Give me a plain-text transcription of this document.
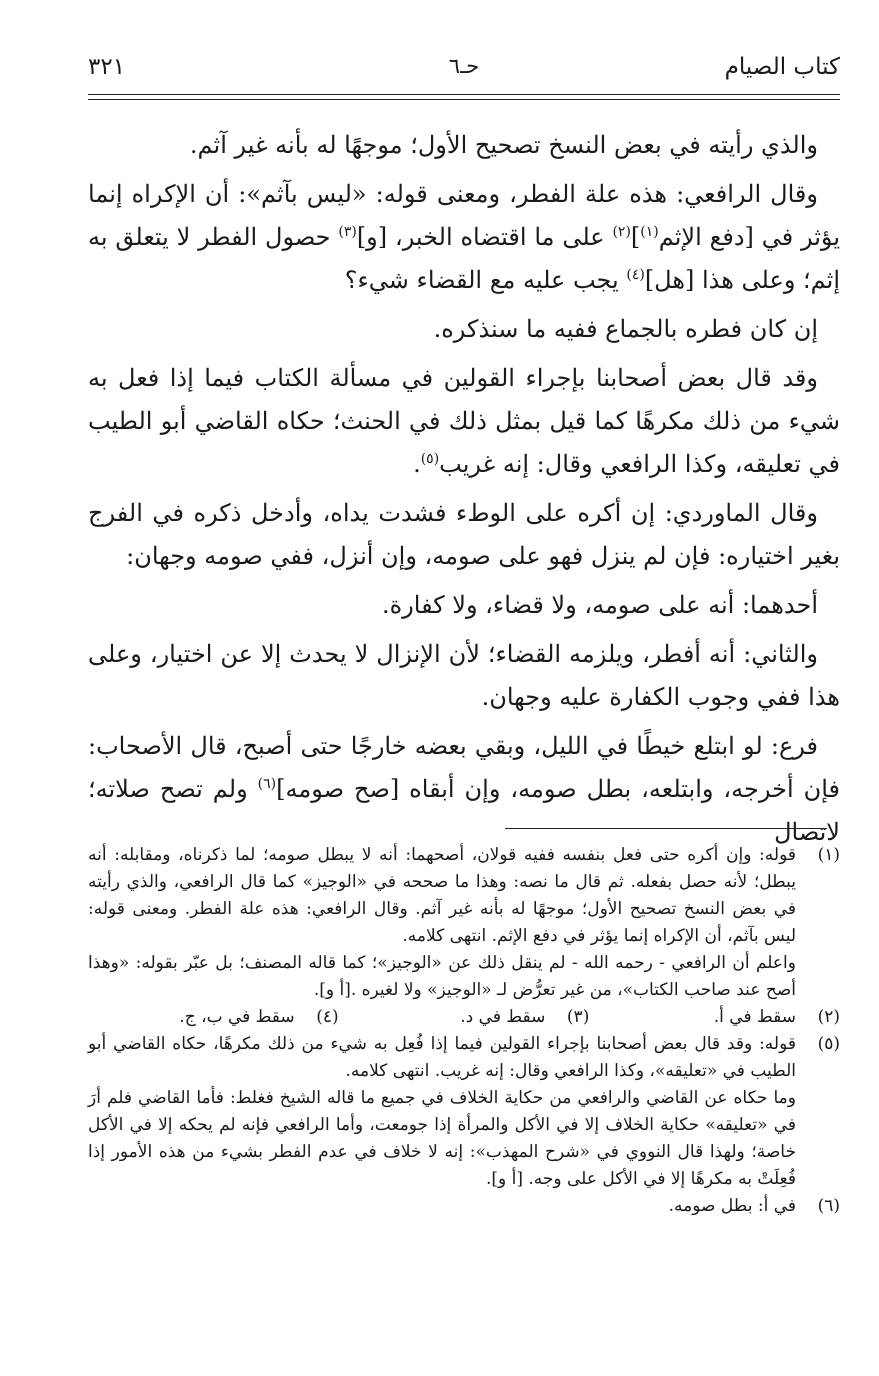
كتاب الصيام
حـ٦
٣٢١

والذي رأيته في بعض النسخ تصحيح الأول؛ موجهًا له بأنه غير آثم.

وقال الرافعي: هذه علة الفطر، ومعنى قوله: «ليس بآثم»: أن الإكراه إنما يؤثر في [دفع الإثم$^{(١)}$]$^{(٢)}$ على ما اقتضاه الخبر، [و]$^{(٣)}$ حصول الفطر لا يتعلق به إثم؛ وعلى هذا [هل]$^{(٤)}$ يجب عليه مع القضاء شيء؟

إن كان فطره بالجماع ففيه ما سنذكره.

وقد قال بعض أصحابنا بإجراء القولين في مسألة الكتاب فيما إذا فعل به شيء من ذلك مكرهًا كما قيل بمثل ذلك في الحنث؛ حكاه القاضي أبو الطيب في تعليقه، وكذا الرافعي وقال: إنه غريب$^{(٥)}$.

وقال الماوردي: إن أكره على الوطء فشدت يداه، وأدخل ذكره في الفرج بغير اختياره: فإن لم ينزل فهو على صومه، وإن أنزل، ففي صومه وجهان:

أحدهما: أنه على صومه، ولا قضاء، ولا كفارة.

والثاني: أنه أفطر، ويلزمه القضاء؛ لأن الإنزال لا يحدث إلا عن اختيار، وعلى هذا ففي وجوب الكفارة عليه وجهان.

فرع: لو ابتلع خيطًا في الليل، وبقي بعضه خارجًا حتى أصبح، قال الأصحاب: فإن أخرجه، وابتلعه، بطل صومه، وإن أبقاه [صح صومه]$^{(٦)}$ ولم تصح صلاته؛ لاتصال

(١)

قوله: وإن أكره حتى فعل بنفسه ففيه قولان، أصحهما: أنه لا يبطل صومه؛ لما ذكرناه، ومقابله: أنه يبطل؛ لأنه حصل بفعله. ثم قال ما نصه: وهذا ما صححه في «الوجيز» كما قال الرافعي، والذي رأيته في بعض النسخ تصحيح الأول؛ موجهًا له بأنه غير آثم. وقال الرافعي: هذه علة الفطر. ومعنى قوله: ليس بآثم، أن الإكراه إنما يؤثر في دفع الإثم. انتهى كلامه.

واعلم أن الرافعي - رحمه الله - لم ينقل ذلك عن «الوجيز»؛ كما قاله المصنف؛ بل عبّر بقوله: «وهذا أصح عند صاحب الكتاب»، من غير تعرُّض لـ «الوجيز» ولا لغيره .[أ و].

(٢)
سقط في أ.
(٣)
سقط في د.
(٤)
سقط في ب، ج.
(٥)

قوله: وقد قال بعض أصحابنا بإجراء القولين فيما إذا فُعِل به شيء من ذلك مكرهًا، حكاه القاضي أبو الطيب في «تعليقه»، وكذا الرافعي وقال: إنه غريب. انتهى كلامه.

وما حكاه عن القاضي والرافعي من حكاية الخلاف في جميع ما قاله الشيخ فغلط: فأما القاضي فلم أرَ في «تعليقه» حكاية الخلاف إلا في الأكل والمرأة إذا جومعت، وأما الرافعي فإنه لم يحكه إلا في الأكل خاصة؛ ولهذا قال النووي في «شرح المهذب»: إنه لا خلاف في عدم الفطر بشيء من هذه الأمور إذا فُعِلَتْ به مكرهًا إلا في الأكل على وجه. [أ و].

(٦)
في أ: بطل صومه.
